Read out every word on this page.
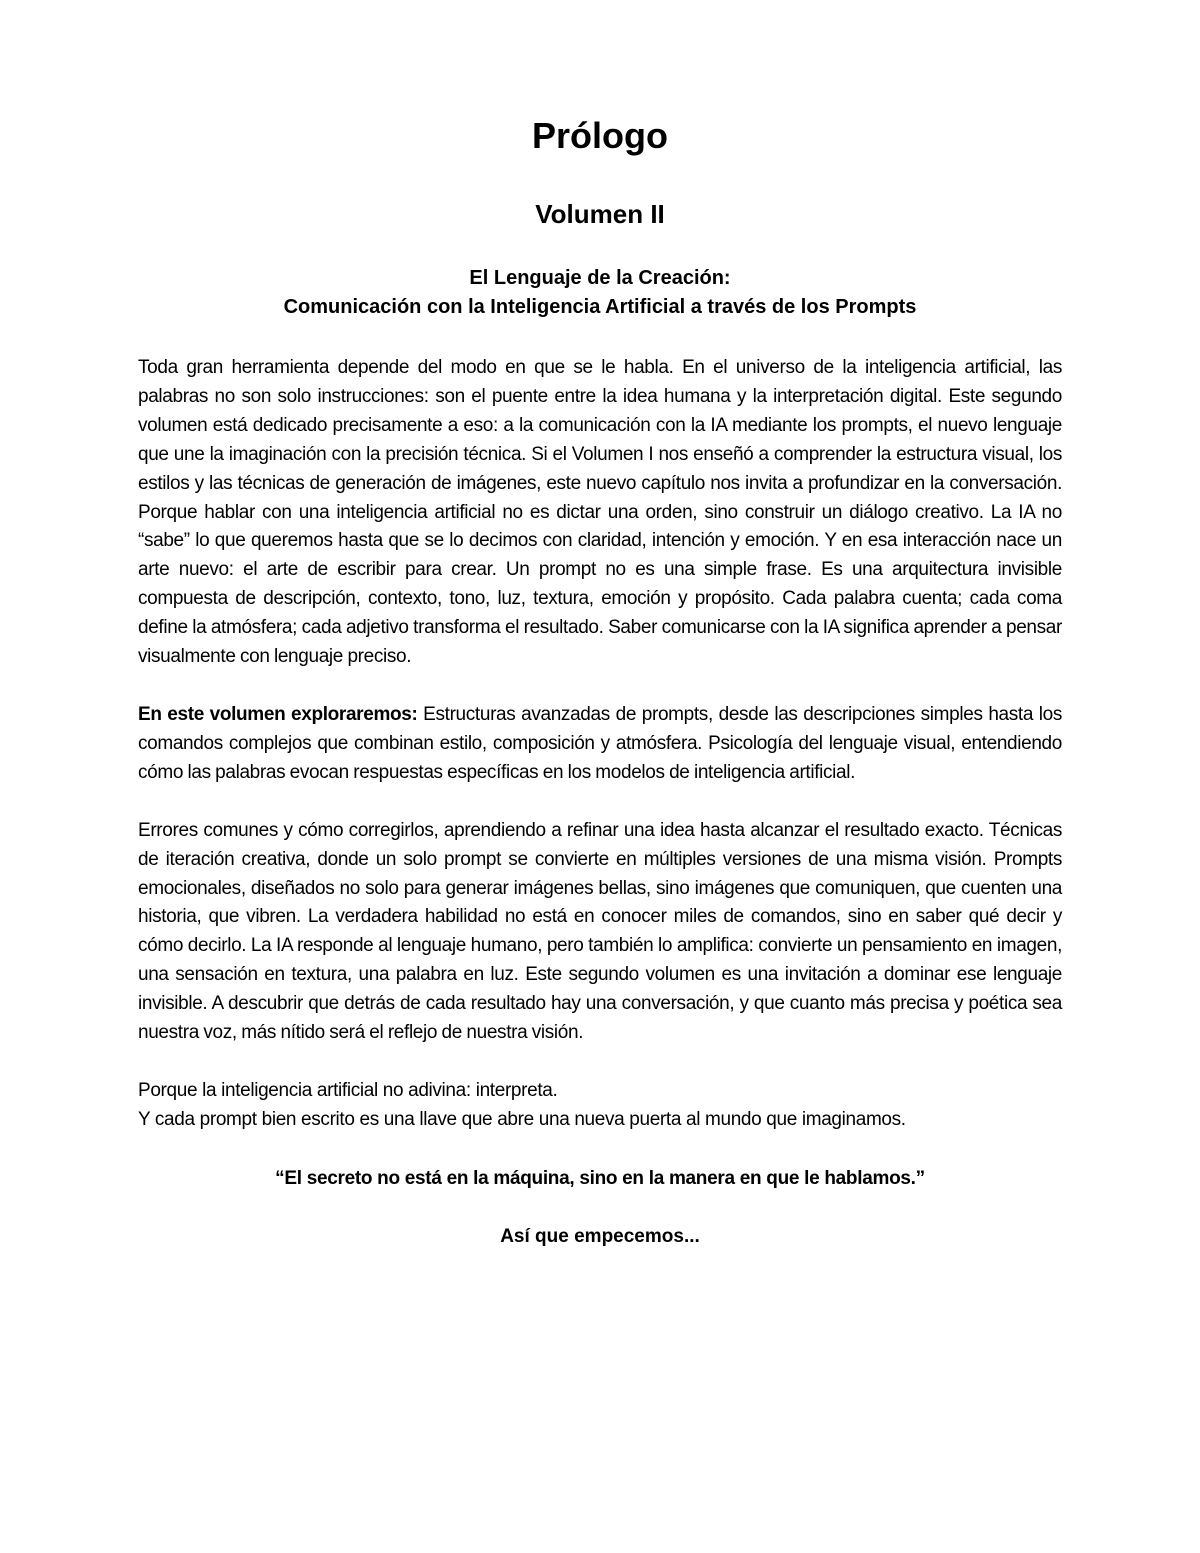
Prólogo
Volumen II

El Lenguaje de la Creación:

Comunicación con la Inteligencia Artificial a través de los Prompts

Toda gran herramienta depende del modo en que se le habla. En el universo de la inteligencia artificial, las palabras no son solo instrucciones: son el puente entre la idea humana y la interpretación digital. Este segundo volumen está dedicado precisamente a eso: a la comunicación con la IA mediante los prompts, el nuevo lenguaje que une la imaginación con la precisión técnica. Si el Volumen I nos enseñó a comprender la estructura visual, los estilos y las técnicas de generación de imágenes, este nuevo capítulo nos invita a profundizar en la conversación. Porque hablar con una inteligencia artificial no es dictar una orden, sino construir un diálogo creativo. La IA no “sabe” lo que queremos hasta que se lo decimos con claridad, intención y emoción. Y en esa interacción nace un arte nuevo: el arte de escribir para crear. Un prompt no es una simple frase. Es una arquitectura invisible compuesta de descripción, contexto, tono, luz, textura, emoción y propósito. Cada palabra cuenta; cada coma define la atmósfera; cada adjetivo transforma el resultado. Saber comunicarse con la IA significa aprender a pensar visualmente con lenguaje preciso.

En este volumen exploraremos: Estructuras avanzadas de prompts, desde las descripciones simples hasta los comandos complejos que combinan estilo, composición y atmósfera. Psicología del lenguaje visual, entendiendo cómo las palabras evocan respuestas específicas en los modelos de inteligencia artificial.

Errores comunes y cómo corregirlos, aprendiendo a refinar una idea hasta alcanzar el resultado exacto. Técnicas de iteración creativa, donde un solo prompt se convierte en múltiples versiones de una misma visión. Prompts emocionales, diseñados no solo para generar imágenes bellas, sino imágenes que comuniquen, que cuenten una historia, que vibren. La verdadera habilidad no está en conocer miles de comandos, sino en saber qué decir y cómo decirlo. La IA responde al lenguaje humano, pero también lo amplifica: convierte un pensamiento en imagen, una sensación en textura, una palabra en luz. Este segundo volumen es una invitación a dominar ese lenguaje invisible. A descubrir que detrás de cada resultado hay una conversación, y que cuanto más precisa y poética sea nuestra voz, más nítido será el reflejo de nuestra visión.

Porque la inteligencia artificial no adivina: interpreta.
Y cada prompt bien escrito es una llave que abre una nueva puerta al mundo que imaginamos.

“El secreto no está en la máquina, sino en la manera en que le hablamos.”

Así que empecemos...
